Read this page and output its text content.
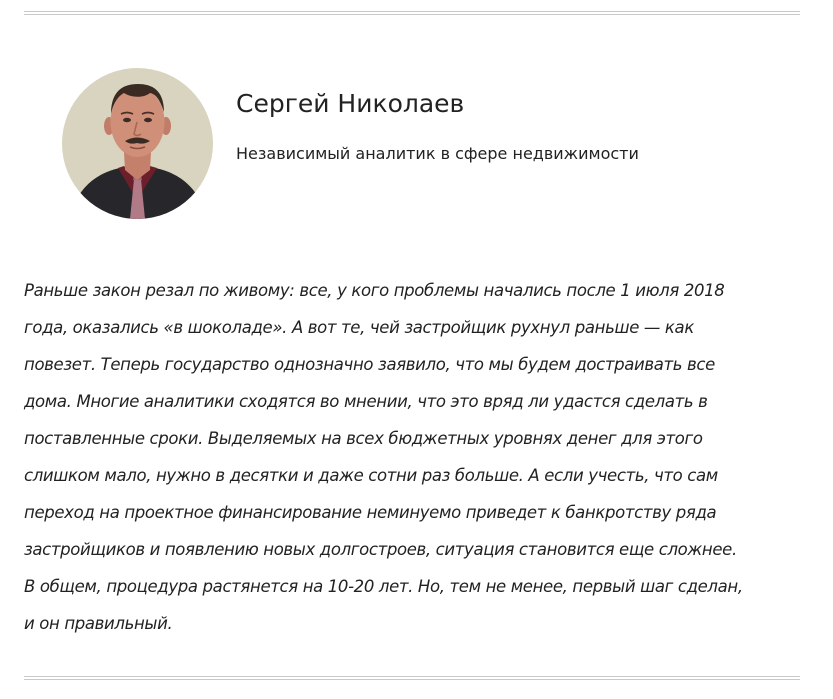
Сергей Николаев

Независимый аналитик в сфере недвижимости

Раньше закон резал по живому: все, у кого проблемы начались после 1 июля 2018
года, оказались «в шоколаде». А вот те, чей застройщик рухнул раньше — как
повезет. Теперь государство однозначно заявило, что мы будем достраивать все
дома. Многие аналитики сходятся во мнении, что это вряд ли удастся сделать в
поставленные сроки. Выделяемых на всех бюджетных уровнях денег для этого
слишком мало, нужно в десятки и даже сотни раз больше. А если учесть, что сам
переход на проектное финансирование неминуемо приведет к банкротству ряда
застройщиков и появлению новых долгостроев, ситуация становится еще сложнее.
В общем, процедура растянется на 10-20 лет. Но, тем не менее, первый шаг сделан,
и он правильный.
